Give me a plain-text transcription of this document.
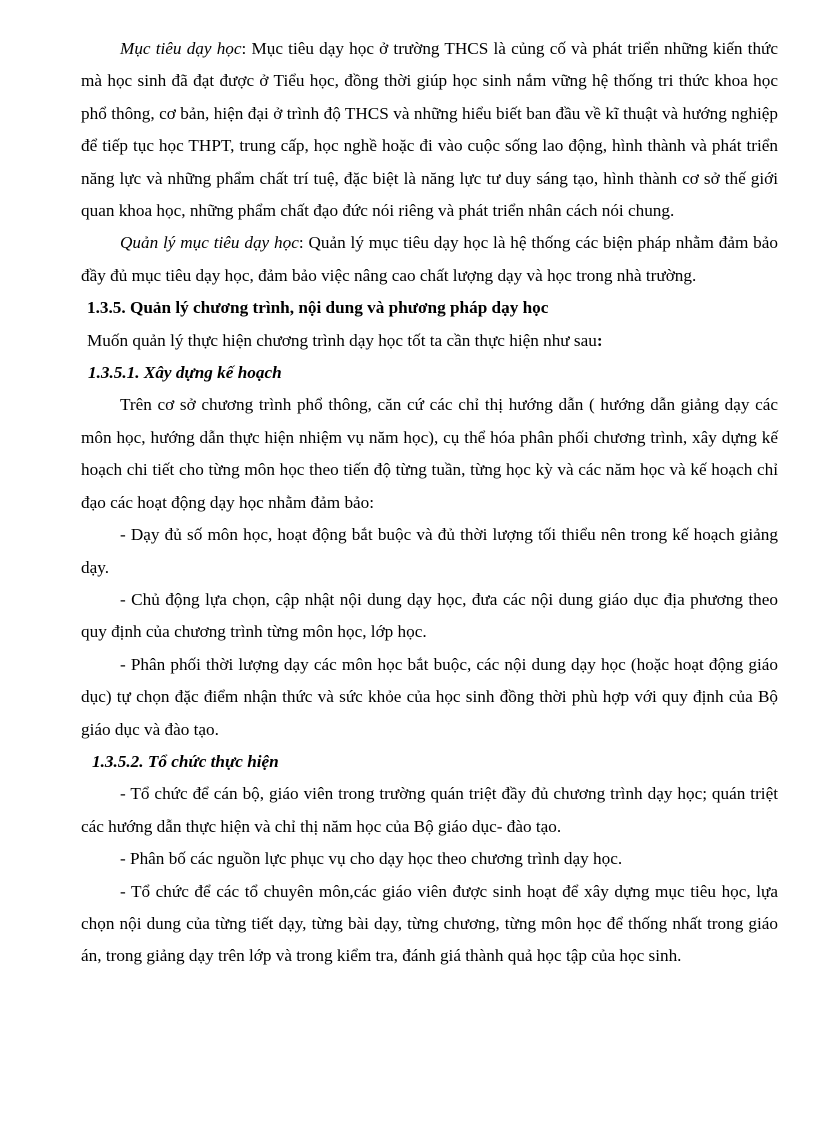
Mục tiêu dạy học: Mục tiêu dạy học ở trường THCS là củng cố và phát triển những kiến thức mà học sinh đã đạt được ở Tiểu học, đồng thời giúp học sinh nắm vững hệ thống tri thức khoa học phổ thông, cơ bản, hiện đại ở trình độ THCS và những hiểu biết ban đầu về kĩ thuật và hướng nghiệp để tiếp tục học THPT, trung cấp, học nghề hoặc đi vào cuộc sống lao động, hình thành và phát triển năng lực và những phẩm chất trí tuệ, đặc biệt là năng lực tư duy sáng tạo, hình thành cơ sở thế giới quan khoa học, những phẩm chất đạo đức nói riêng và phát triển nhân cách nói chung.

Quản lý mục tiêu dạy học: Quản lý mục tiêu dạy học là hệ thống các biện pháp nhằm đảm bảo đầy đủ mục tiêu dạy học, đảm bảo việc nâng cao chất lượng dạy và học trong nhà trường.

1.3.5. Quản lý chương trình, nội dung và phương pháp dạy học

Muốn quản lý thực hiện chương trình dạy học tốt ta cần thực hiện như sau:

1.3.5.1. Xây dựng kế hoạch

Trên cơ sở chương trình phổ thông, căn cứ các chỉ thị hướng dẫn ( hướng dẫn giảng dạy các môn học, hướng dẫn thực hiện nhiệm vụ năm học), cụ thể hóa phân phối chương trình, xây dựng kế hoạch chi tiết cho từng môn học theo tiến độ từng tuần, từng học kỳ và các năm học và kế hoạch chỉ đạo các hoạt động dạy học nhằm đảm bảo:

- Dạy đủ số môn học, hoạt động bắt buộc và đủ thời lượng tối thiểu nên trong kế hoạch giảng dạy.

- Chủ động lựa chọn, cập nhật nội dung dạy học, đưa các nội dung giáo dục địa phương theo quy định của chương trình từng môn học, lớp học.

- Phân phối thời lượng dạy các môn học bắt buộc, các nội dung dạy học (hoặc hoạt động giáo dục) tự chọn đặc điểm nhận thức và sức khỏe của học sinh đồng thời phù hợp với quy định của Bộ giáo dục và đào tạo.

1.3.5.2. Tổ chức thực hiện

- Tổ chức để cán bộ, giáo viên trong trường quán triệt đầy đủ chương trình dạy học; quán triệt các hướng dẫn thực hiện và chỉ thị năm học của Bộ giáo dục- đào tạo.

- Phân bố các nguồn lực phục vụ cho dạy học theo chương trình dạy học.

- Tổ chức để các tổ chuyên môn,các giáo viên được sinh hoạt để xây dựng mục tiêu học, lựa chọn nội dung của từng tiết dạy, từng bài dạy, từng chương, từng môn học để thống nhất trong giáo án, trong giảng dạy trên lớp và trong kiểm tra, đánh giá thành quả học tập của học sinh.
